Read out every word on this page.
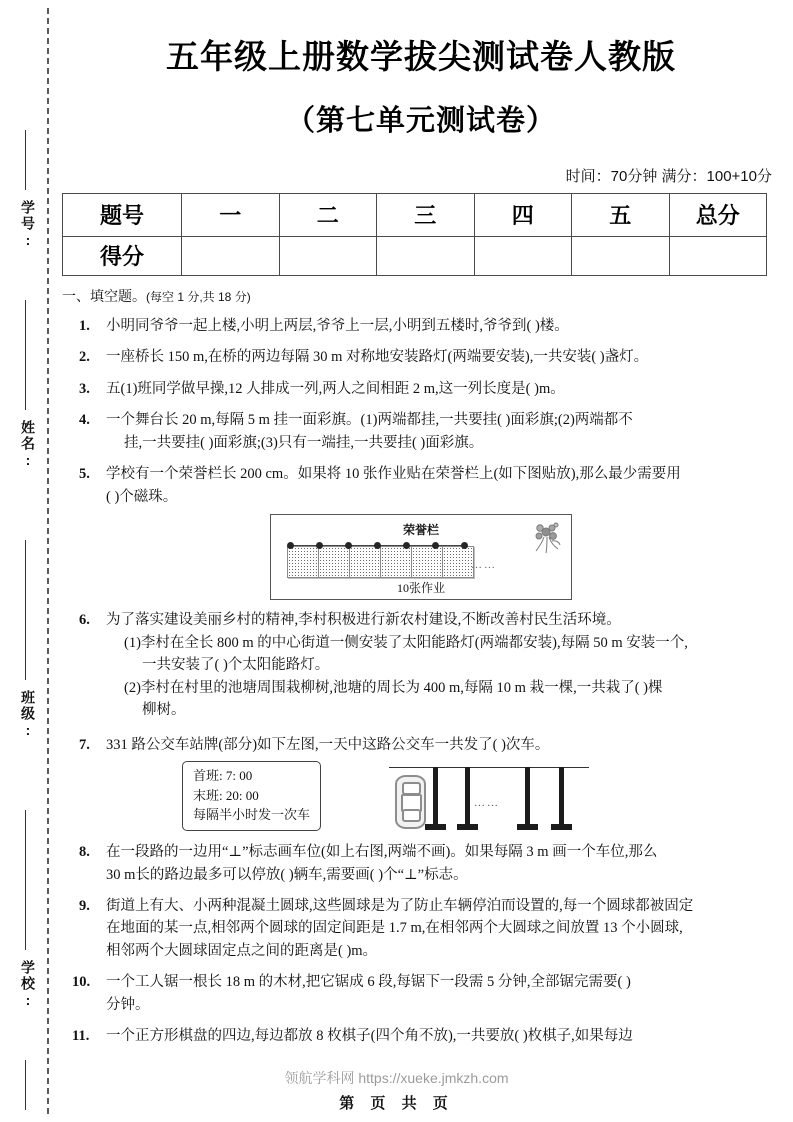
学号:
姓名:
班级:
学校:
五年级上册数学拔尖测试卷人教版
（第七单元测试卷）
时间：70分钟 满分：100+10分
题号	一	二	三	四	五	总分
得分						
一、填空题。(每空 1 分,共 18 分)
1.	小明同爷爷一起上楼,小明上两层,爷爷上一层,小明到五楼时,爷爷到( )楼。
2.	一座桥长 150 m,在桥的两边每隔 30 m 对称地安装路灯(两端要安装),一共安装( )盏灯。
3.	五(1)班同学做早操,12 人排成一列,两人之间相距 2 m,这一列长度是( )m。
4.	一个舞台长 20 m,每隔 5 m 挂一面彩旗。(1)两端都挂,一共要挂( )面彩旗;(2)两端都不
挂,一共要挂( )面彩旗;(3)只有一端挂,一共要挂( )面彩旗。
5.	学校有一个荣誉栏长 200 cm。如果将 10 张作业贴在荣誉栏上(如下图贴放),那么最少需要用
( )个磁珠。
荣誉栏
……
10张作业
6.	为了落实建设美丽乡村的精神,李村积极进行新农村建设,不断改善村民生活环境。
(1)李村在全长 800 m 的中心街道一侧安装了太阳能路灯(两端都安装),每隔 50 m 安装一个,
一共安装了( )个太阳能路灯。
(2)李村在村里的池塘周围栽柳树,池塘的周长为 400 m,每隔 10 m 栽一棵,一共栽了( )棵
柳树。
7.	331 路公交车站牌(部分)如下左图,一天中这路公交车一共发了( )次车。
首班: 7: 00
末班: 20: 00
每隔半小时发一次车
……
8.	在一段路的一边用“⊥”标志画车位(如上右图,两端不画)。如果每隔 3 m 画一个车位,那么
30 m长的路边最多可以停放( )辆车,需要画( )个“⊥”标志。
9.	街道上有大、小两种混凝土圆球,这些圆球是为了防止车辆停泊而设置的,每一个圆球都被固定
在地面的某一点,相邻两个圆球的固定间距是 1.7 m,在相邻两个大圆球之间放置 13 个小圆球,
相邻两个大圆球固定点之间的距离是( )m。
10.	一个工人锯一根长 18 m 的木材,把它锯成 6 段,每锯下一段需 5 分钟,全部锯完需要( )
分钟。
11.	一个正方形棋盘的四边,每边都放 8 枚棋子(四个角不放),一共要放( )枚棋子,如果每边
领航学科网 https://xueke.jmkzh.com
第 页 共 页
